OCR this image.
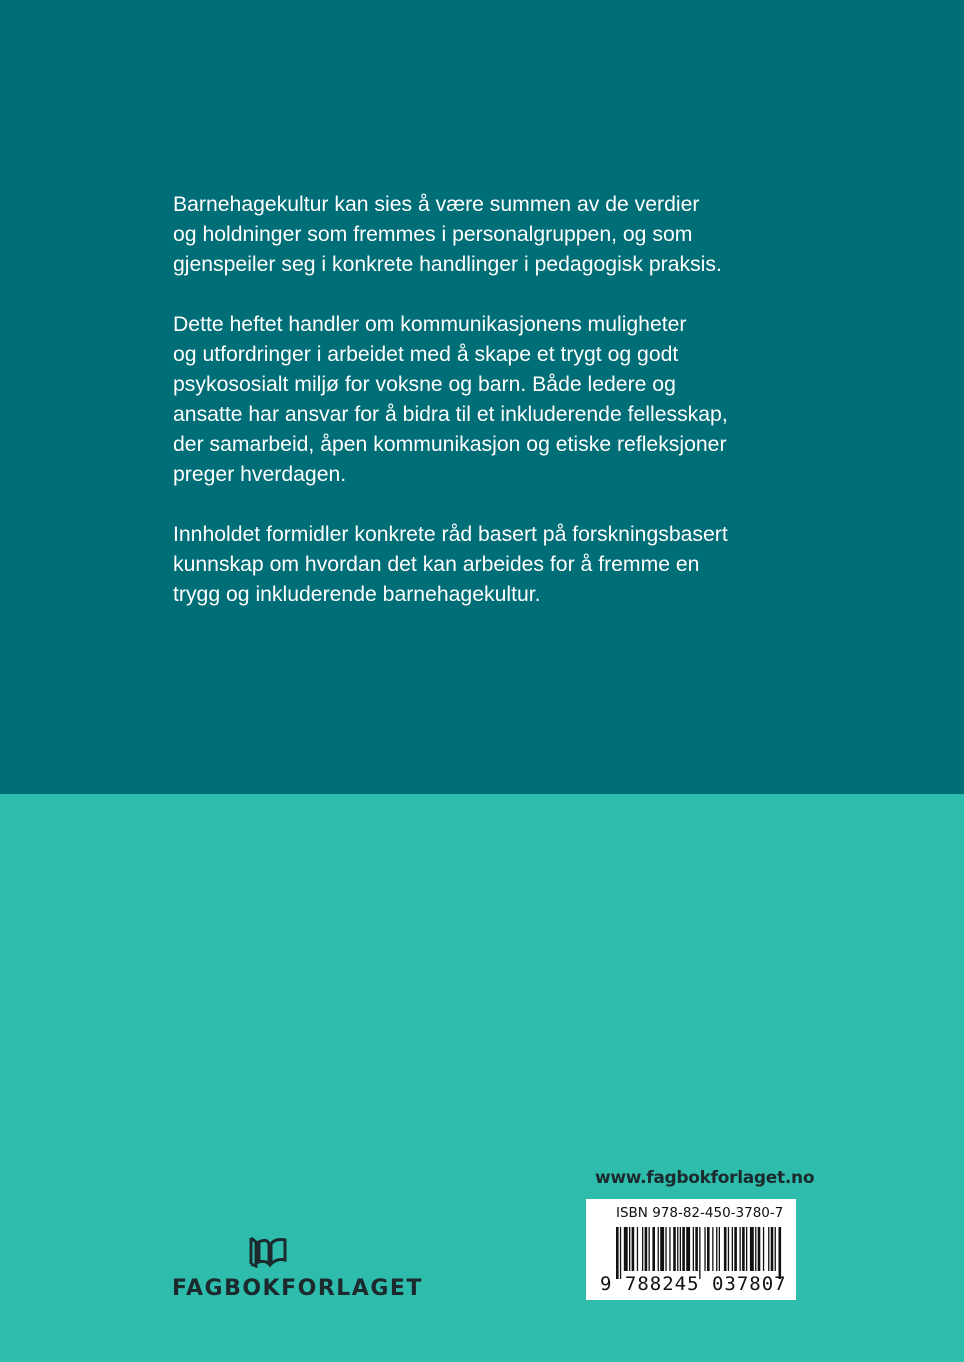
Barnehagekultur kan sies å være summen av de verdier
og holdninger som fremmes i personalgruppen, og som
gjenspeiler seg i konkrete handlinger i pedagogisk praksis.

Dette heftet handler om kommunikasjonens muligheter
og utfordringer i arbeidet med å skape et trygt og godt
psykososialt miljø for voksne og barn. Både ledere og
ansatte har ansvar for å bidra til et inkluderende fellesskap,
der samarbeid, åpen kommunikasjon og etiske refleksjoner
preger hverdagen.

Innholdet formidler konkrete råd basert på forskningsbasert
kunnskap om hvordan det kan arbeides for å fremme en
trygg og inkluderende barnehagekultur.

www.fagbokforlaget.no
ISBN 978-82-450-3780-7
9 788245 037807
FAGBOKFORLAGET
